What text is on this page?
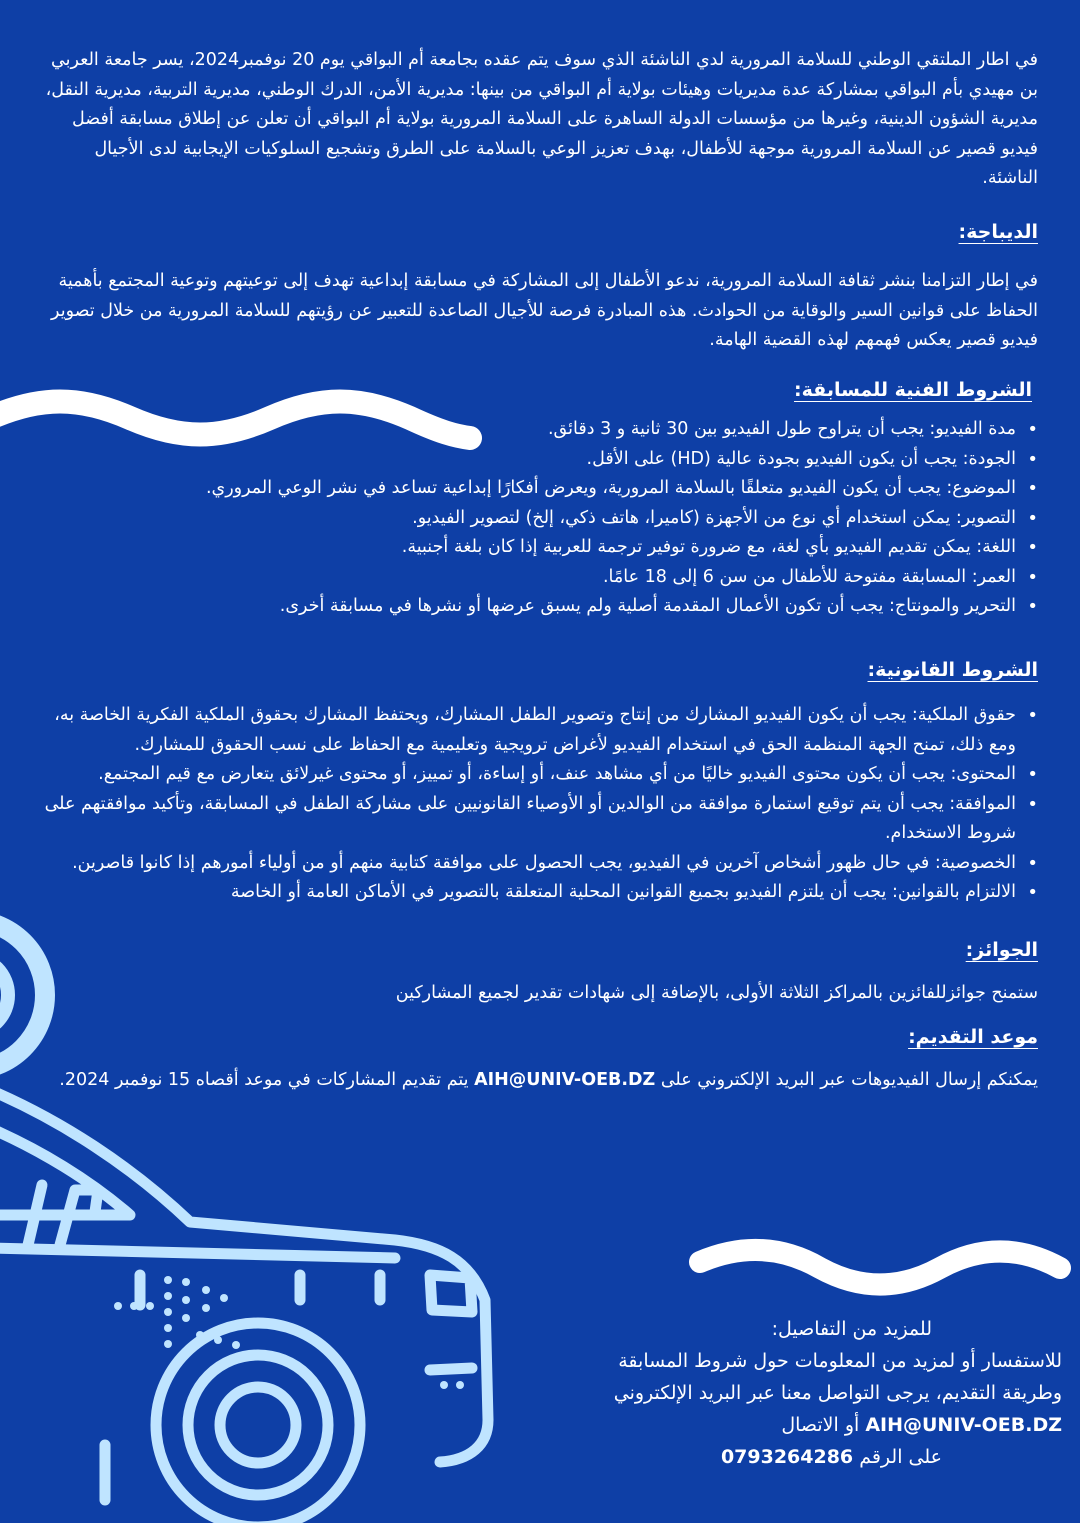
في اطار الملتقي الوطني للسلامة المرورية لدي الناشئة الذي سوف يتم عقده بجامعة أم البواقي يوم 20 نوفمبر2024، يسر جامعة العربي بن مهيدي بأم البواقي بمشاركة عدة مديريات وهيئات بولاية أم البواقي من بينها: مديرية الأمن، الدرك الوطني، مديرية التربية، مديرية النقل، مديرية الشؤون الدينية، وغيرها من مؤسسات الدولة الساهرة على السلامة المرورية بولاية أم البواقي أن تعلن عن إطلاق مسابقة أفضل فيديو قصير عن السلامة المرورية موجهة للأطفال، بهدف تعزيز الوعي بالسلامة على الطرق وتشجيع السلوكيات الإيجابية لدى الأجيال الناشئة.

الديباجة:

في إطار التزامنا بنشر ثقافة السلامة المرورية، ندعو الأطفال إلى المشاركة في مسابقة إبداعية تهدف إلى توعيتهم وتوعية المجتمع بأهمية الحفاظ على قوانين السير والوقاية من الحوادث. هذه المبادرة فرصة للأجيال الصاعدة للتعبير عن رؤيتهم للسلامة المرورية من خلال تصوير فيديو قصير يعكس فهمهم لهذه القضية الهامة.

الشروط الفنية للمسابقة:

• مدة الفيديو: يجب أن يتراوح طول الفيديو بين 30 ثانية و 3 دقائق.
• الجودة: يجب أن يكون الفيديو بجودة عالية (HD) على الأقل.
• الموضوع: يجب أن يكون الفيديو متعلقًا بالسلامة المرورية، ويعرض أفكارًا إبداعية تساعد في نشر الوعي المروري.
• التصوير: يمكن استخدام أي نوع من الأجهزة (كاميرا، هاتف ذكي، إلخ) لتصوير الفيديو.
• اللغة: يمكن تقديم الفيديو بأي لغة، مع ضرورة توفير ترجمة للعربية إذا كان بلغة أجنبية.
• العمر: المسابقة مفتوحة للأطفال من سن 6 إلى 18 عامًا.
• التحرير والمونتاج: يجب أن تكون الأعمال المقدمة أصلية ولم يسبق عرضها أو نشرها في مسابقة أخرى.

الشروط القانونية:

• حقوق الملكية: يجب أن يكون الفيديو المشارك من إنتاج وتصوير الطفل المشارك، ويحتفظ المشارك بحقوق الملكية الفكرية الخاصة به، ومع ذلك، تمنح الجهة المنظمة الحق في استخدام الفيديو لأغراض ترويجية وتعليمية مع الحفاظ على نسب الحقوق للمشارك.
• المحتوى: يجب أن يكون محتوى الفيديو خاليًا من أي مشاهد عنف، أو إساءة، أو تمييز، أو محتوى غيرلائق يتعارض مع قيم المجتمع.
• الموافقة: يجب أن يتم توقيع استمارة موافقة من الوالدين أو الأوصياء القانونيين على مشاركة الطفل في المسابقة، وتأكيد موافقتهم على شروط الاستخدام.
• الخصوصية: في حال ظهور أشخاص آخرين في الفيديو، يجب الحصول على موافقة كتابية منهم أو من أولياء أمورهم إذا كانوا قاصرين.
• الالتزام بالقوانين: يجب أن يلتزم الفيديو بجميع القوانين المحلية المتعلقة بالتصوير في الأماكن العامة أو الخاصة

الجوائز:

ستمنح جوائزللفائزين بالمراكز الثلاثة الأولى، بالإضافة إلى شهادات تقدير لجميع المشاركين

موعد التقديم:

يمكنكم إرسال الفيديوهات عبر البريد الإلكتروني على AIH@UNIV-OEB.DZ يتم تقديم المشاركات في موعد أقصاه 15 نوفمبر 2024.

للمزيد من التفاصيل:

للاستفسار أو لمزيد من المعلومات حول شروط المسابقة وطريقة التقديم، يرجى التواصل معنا عبر البريد الإلكتروني AIH@UNIV-OEB.DZ أو الاتصال

على الرقم 0793264286
